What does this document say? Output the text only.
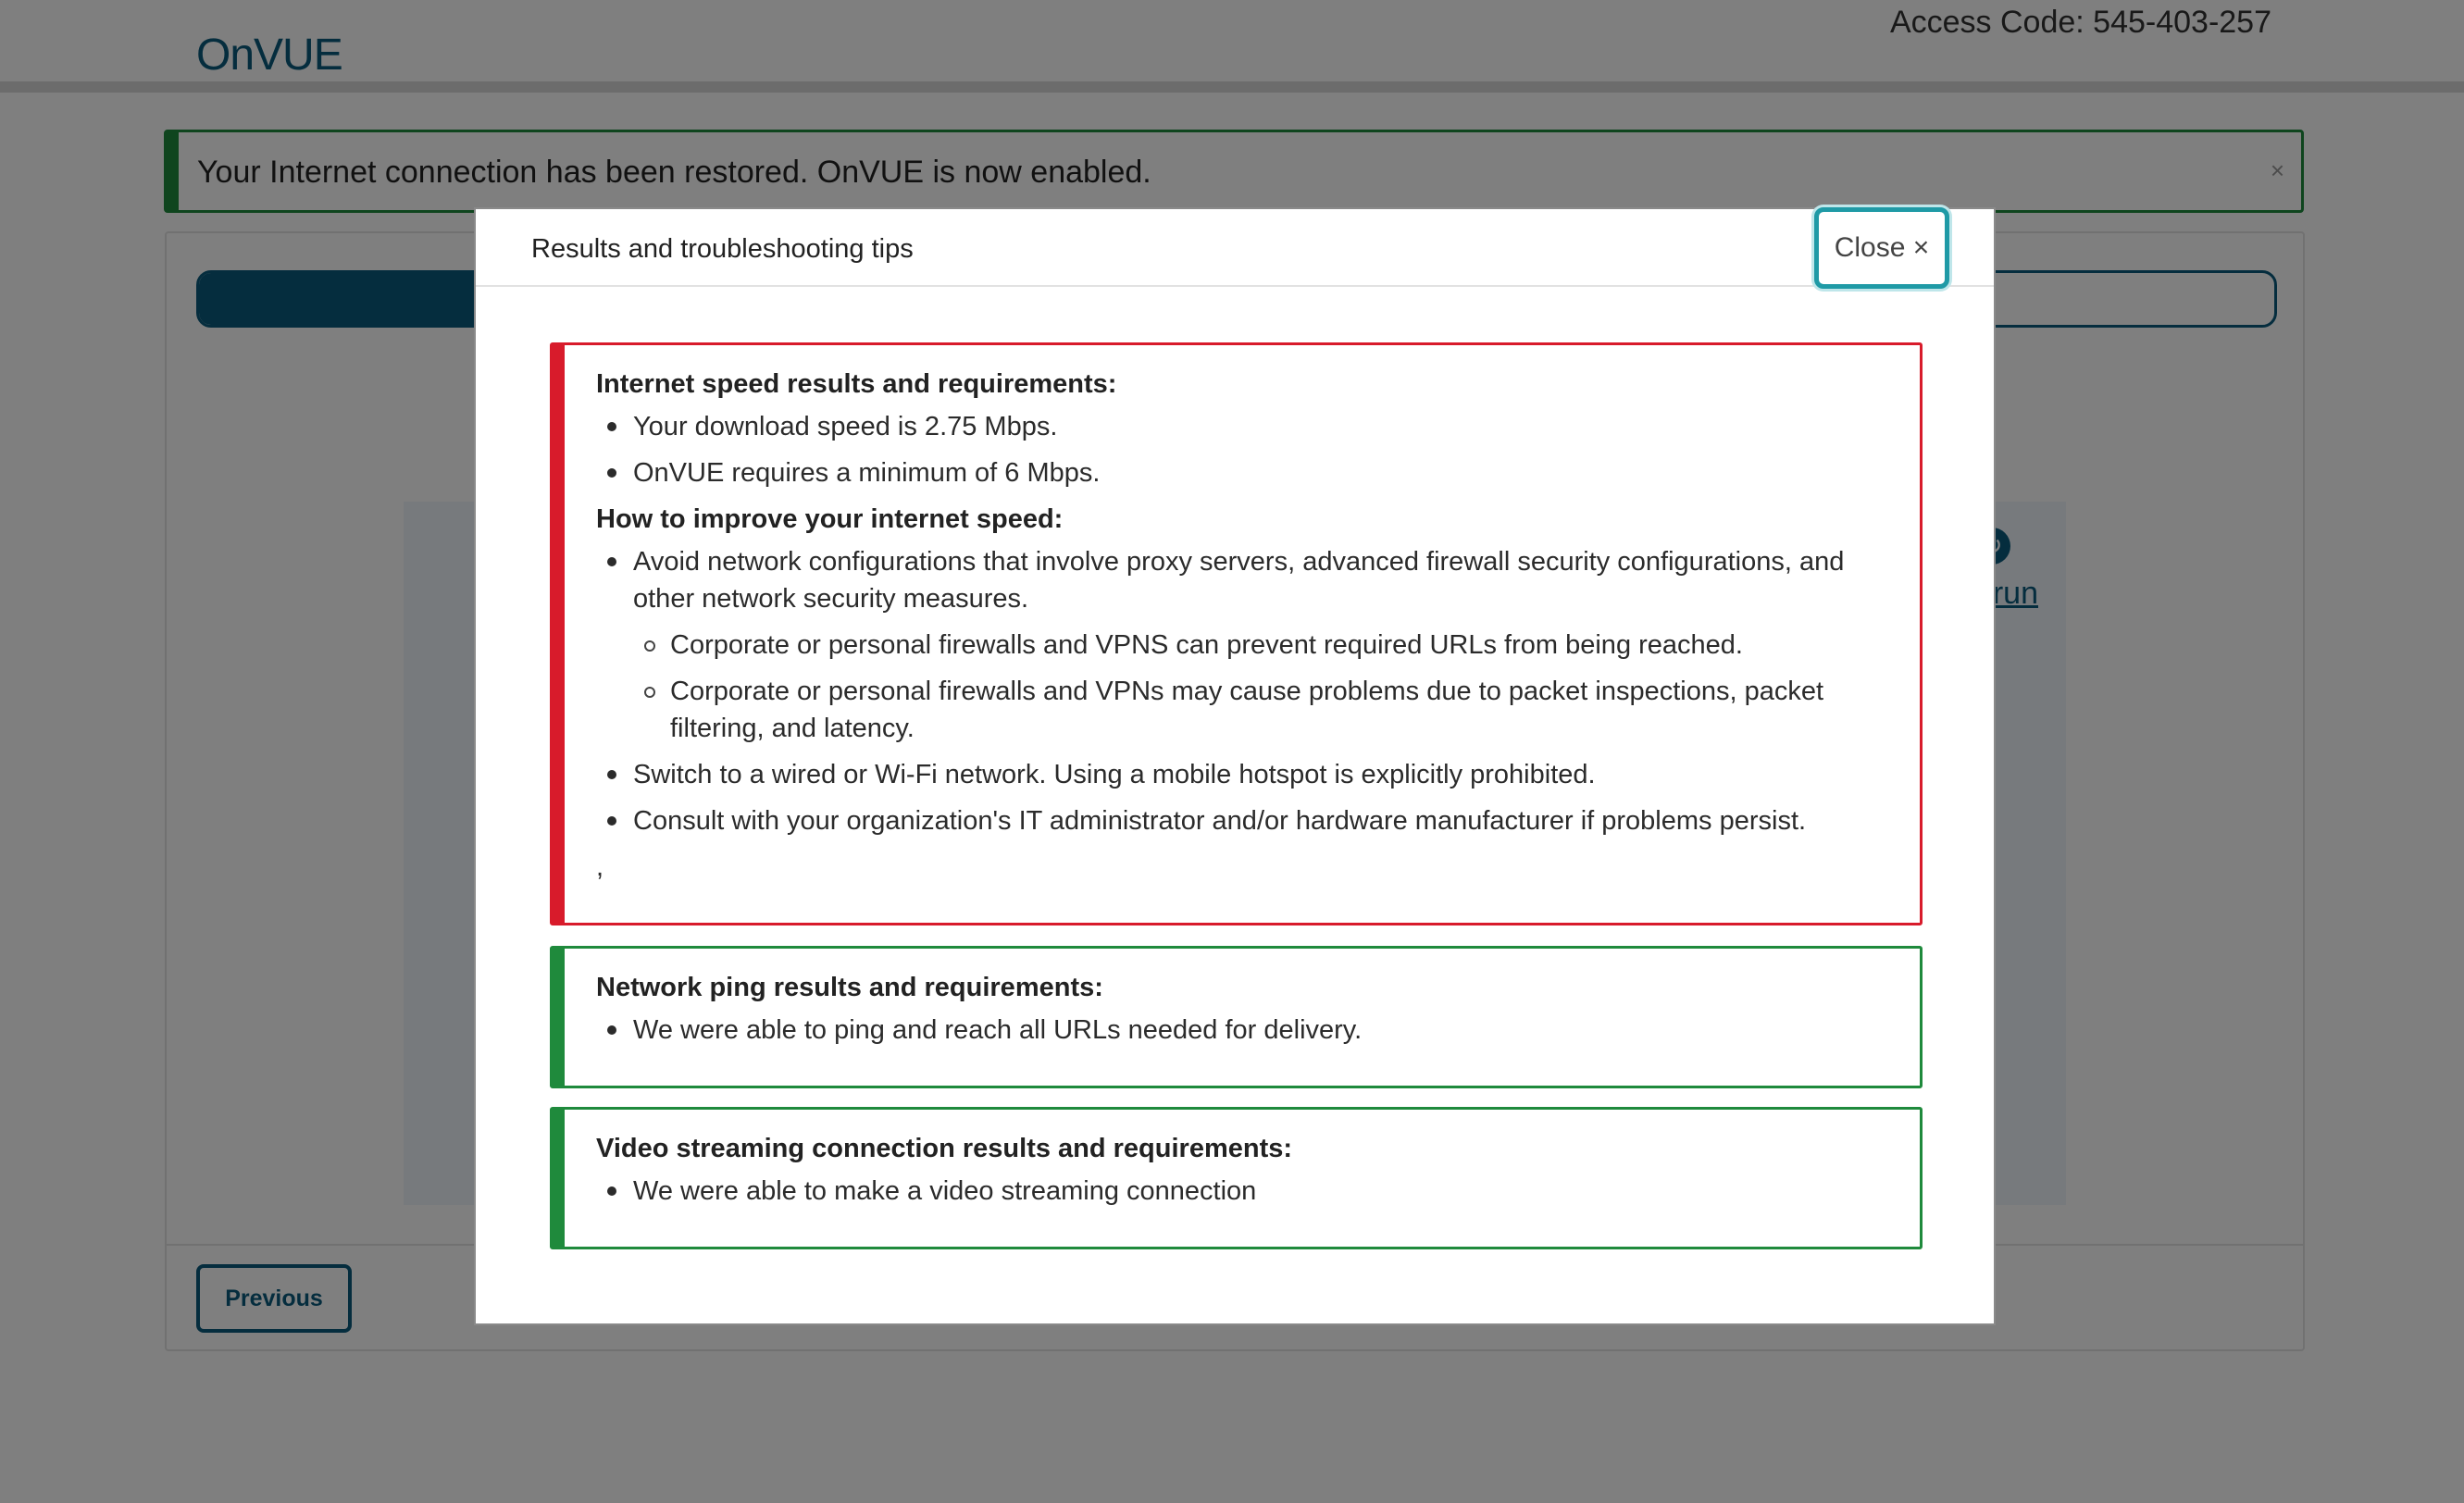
Results and troubleshooting tips	Close ×
Internet speed results and requirements:
Your download speed is 2.75 Mbps.
OnVUE requires a minimum of 6 Mbps.
How to improve your internet speed:
Avoid network configurations that involve proxy servers, advanced firewall security configurations, and other network security measures.
Corporate or personal firewalls and VPNS can prevent required URLs from being reached.
Corporate or personal firewalls and VPNs may cause problems due to packet inspections, packet filtering, and latency.
Switch to a wired or Wi-Fi network. Using a mobile hotspot is explicitly prohibited.
Consult with your organization's IT administrator and/or hardware manufacturer if problems persist.
,
Network ping results and requirements:
We were able to ping and reach all URLs needed for delivery.
Video streaming connection results and requirements:
We were able to make a video streaming connection
